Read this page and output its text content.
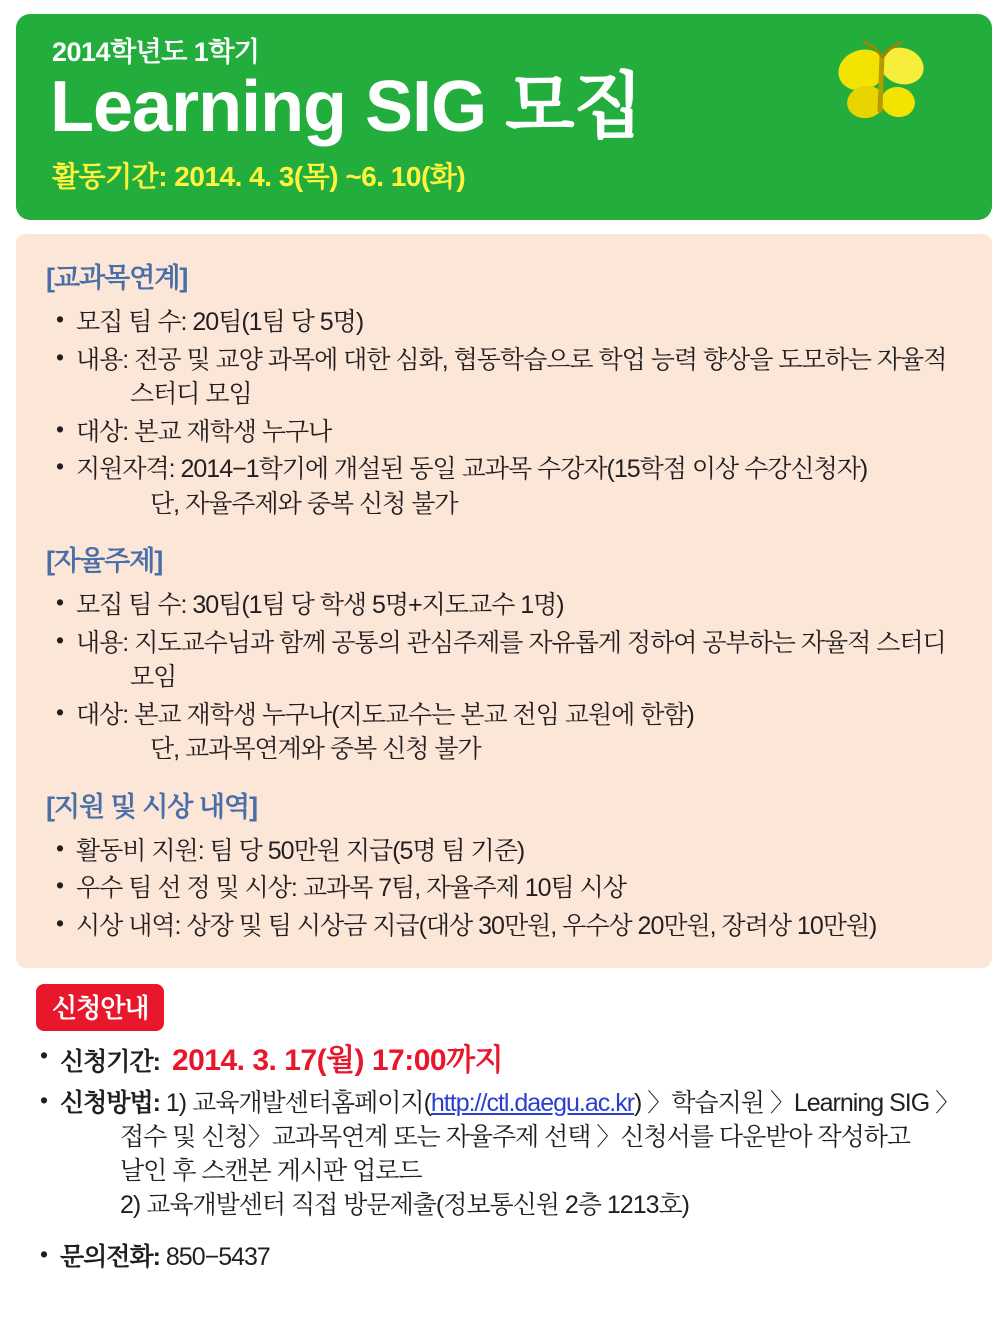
2014학년도 1학기
Learning SIG 모집
활동기간: 2014. 4. 3(목) ~6. 10(화)
[교과목연계]
• 모집 팀 수: 20팀(1팀 당 5명)
• 내용: 전공 및 교양 과목에 대한 심화, 협동학습으로 학업 능력 향상을 도모하는 자율적
스터디 모임
• 대상: 본교 재학생 누구나
• 지원자격: 2014−1학기에 개설된 동일 교과목 수강자(15학점 이상 수강신청자)
단, 자율주제와 중복 신청 불가
[자율주제]
• 모집 팀 수: 30팀(1팀 당 학생 5명+지도교수 1명)
• 내용: 지도교수님과 함께 공통의 관심주제를 자유롭게 정하여 공부하는 자율적 스터디
모임
• 대상: 본교 재학생 누구나(지도교수는 본교 전임 교원에 한함)
단, 교과목연계와 중복 신청 불가
[지원 및 시상 내역]
• 활동비 지원: 팀 당 50만원 지급(5명 팀 기준)
• 우수 팀 선 정 및 시상: 교과목 7팀, 자율주제 10팀 시상
• 시상 내역: 상장 및 팀 시상금 지급(대상 30만원, 우수상 20만원, 장려상 10만원)
신청안내
• 신청기간: 2014. 3. 17(월) 17:00까지
• 신청방법: 1) 교육개발센터홈페이지(http://ctl.daegu.ac.kr) 〉학습지원 〉Learning SIG 〉
접수 및 신청〉교과목연계 또는 자율주제 선택 〉신청서를 다운받아 작성하고
날인 후 스캔본 게시판 업로드
2) 교육개발센터 직접 방문제출(정보통신원 2층 1213호)
• 문의전화: 850−5437
